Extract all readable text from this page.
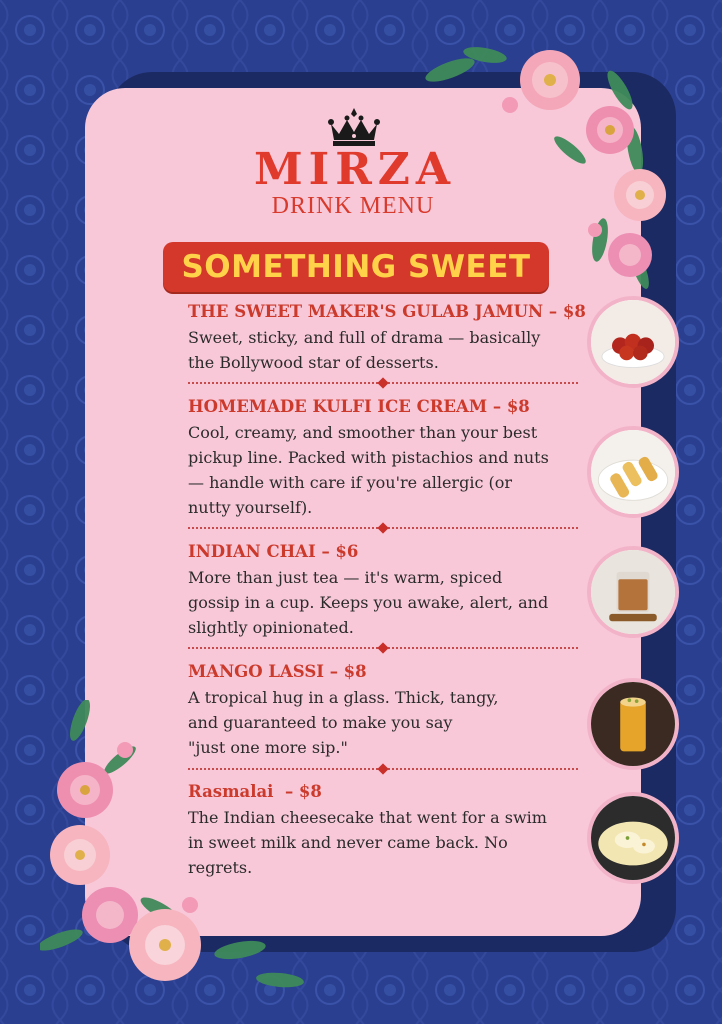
MIRZA
DRINK MENU
SOMETHING SWEET
THE SWEET MAKER'S GULAB JAMUN – $8
Sweet, sticky, and full of drama — basically
the Bollywood star of desserts.
HOMEMADE KULFI ICE CREAM – $8
Cool, creamy, and smoother than your best
pickup line. Packed with pistachios and nuts
— handle with care if you're allergic (or
nutty yourself).
INDIAN CHAI – $6
More than just tea — it's warm, spiced
gossip in a cup. Keeps you awake, alert, and
slightly opinionated.
MANGO LASSI – $8
A tropical hug in a glass. Thick, tangy,
and guaranteed to make you say
"just one more sip."
Rasmalai  – $8
The Indian cheesecake that went for a swim
in sweet milk and never came back. No
regrets.
